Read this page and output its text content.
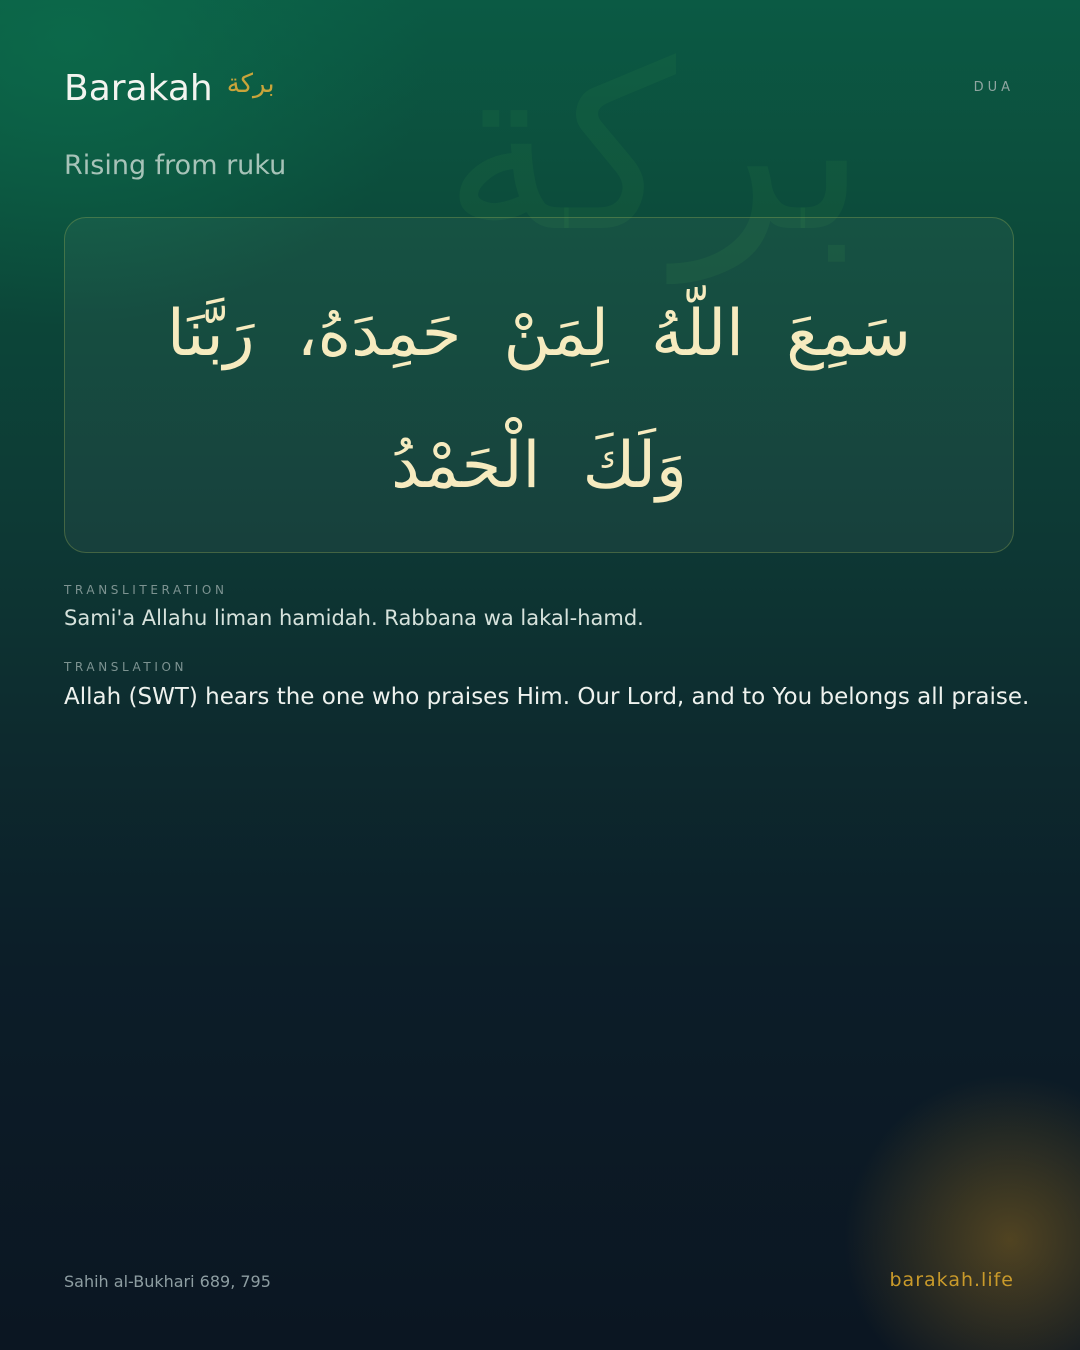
بركة
Barakah بركة	DUA
Rising from ruku
سَمِعَ اللّهُ لِمَنْ حَمِدَهُ، رَبَّنَا وَلَكَ الْحَمْدُ
TRANSLITERATION
Sami'a Allahu liman hamidah. Rabbana wa lakal-hamd.
TRANSLATION
Allah (SWT) hears the one who praises Him. Our Lord, and to You belongs all praise.
Sahih al-Bukhari 689, 795	barakah.life
